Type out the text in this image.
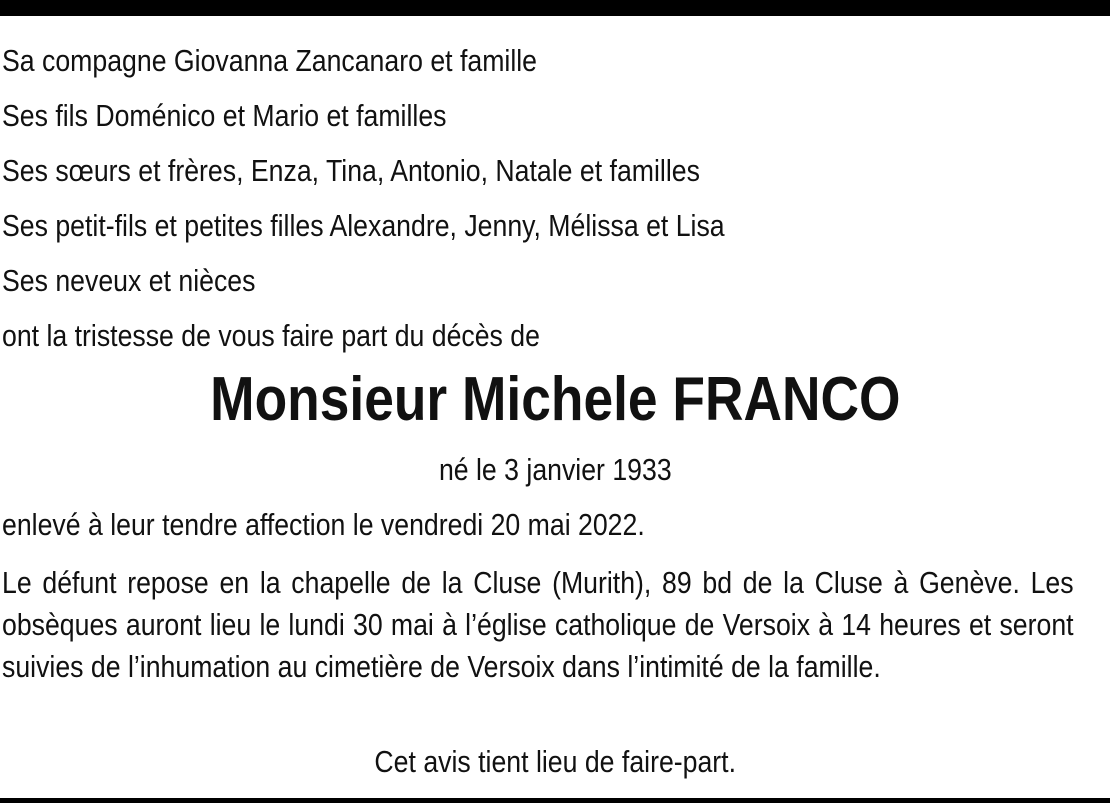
Sa compagne Giovanna Zancanaro et famille
Ses fils Doménico et Mario et familles
Ses sœurs et frères, Enza, Tina, Antonio, Natale et familles
Ses petit-fils et petites filles Alexandre, Jenny, Mélissa et Lisa
Ses neveux et nièces
ont la tristesse de vous faire part du décès de
Monsieur Michele FRANCO
né le 3 janvier 1933
enlevé à leur tendre affection le vendredi 20 mai 2022.
Le défunt repose en la chapelle de la Cluse (Murith), 89 bd de la Cluse à Genève. Les obsèques auront lieu le lundi 30 mai à l’église catholique de Versoix à 14 heures et seront suivies de l’inhumation au cimetière de Versoix dans l’intimité de la famille.
Cet avis tient lieu de faire-part.
